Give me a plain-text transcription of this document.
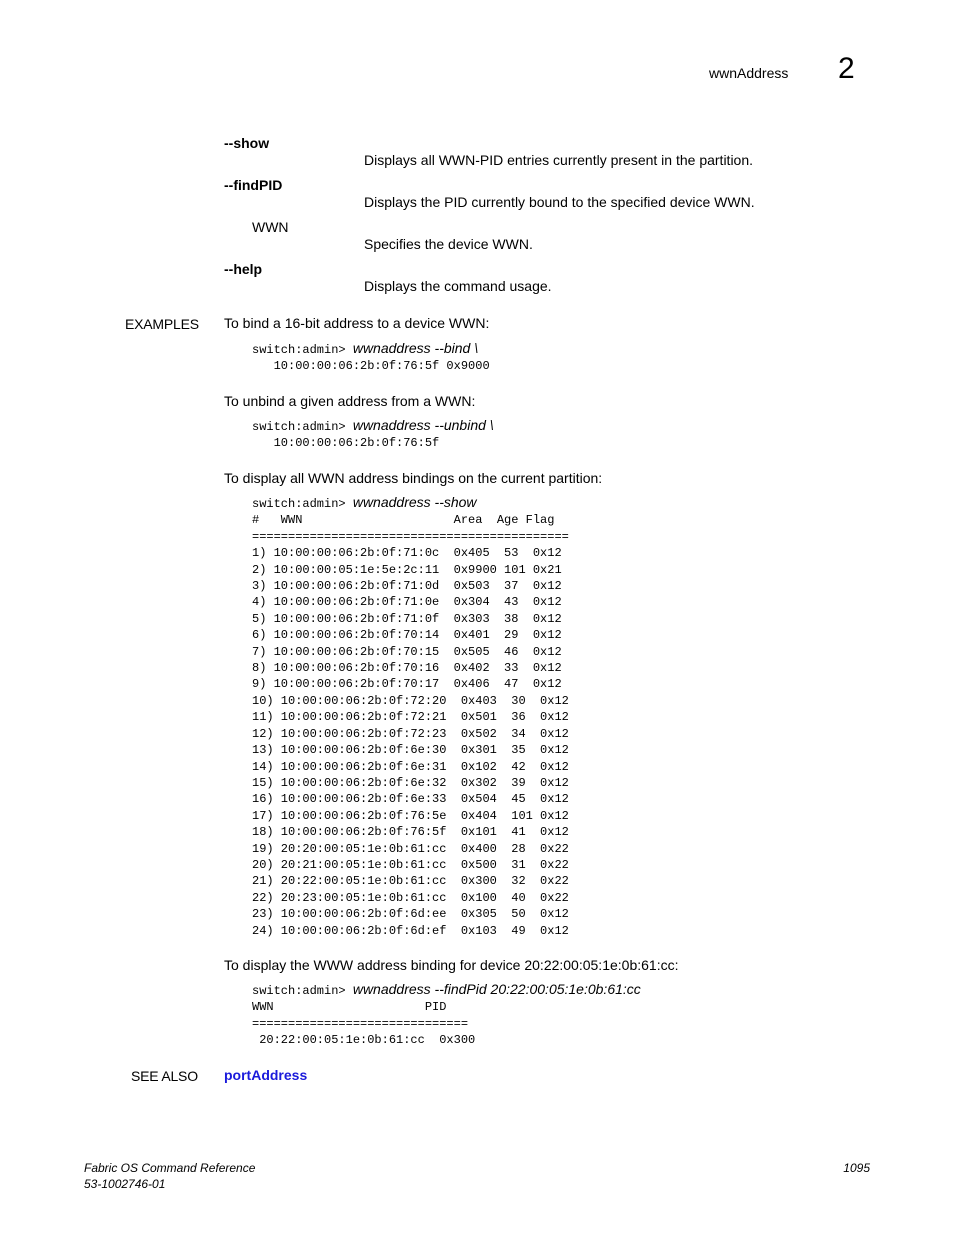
wwnAddress 2
--show
Displays all WWN-PID entries currently present in the partition.
--findPID
Displays the PID currently bound to the specified device WWN.
WWN
Specifies the device WWN.
--help
Displays the command usage.
EXAMPLES To bind a 16-bit address to a device WWN:
switch:admin> wwnaddress --bind \
10:00:00:06:2b:0f:76:5f 0x9000
To unbind a given address from a WWN:
switch:admin> wwnaddress --unbind \
10:00:00:06:2b:0f:76:5f
To display all WWN address bindings on the current partition:
switch:admin> wwnaddress --show
#   WWN                     Area  Age Flag
============================================
1) 10:00:00:06:2b:0f:71:0c  0x405  53  0x12
2) 10:00:00:05:1e:5e:2c:11  0x9900 101 0x21
3) 10:00:00:06:2b:0f:71:0d  0x503  37  0x12
4) 10:00:00:06:2b:0f:71:0e  0x304  43  0x12
5) 10:00:00:06:2b:0f:71:0f  0x303  38  0x12
6) 10:00:00:06:2b:0f:70:14  0x401  29  0x12
7) 10:00:00:06:2b:0f:70:15  0x505  46  0x12
8) 10:00:00:06:2b:0f:70:16  0x402  33  0x12
9) 10:00:00:06:2b:0f:70:17  0x406  47  0x12
10) 10:00:00:06:2b:0f:72:20  0x403  30  0x12
11) 10:00:00:06:2b:0f:72:21  0x501  36  0x12
12) 10:00:00:06:2b:0f:72:23  0x502  34  0x12
13) 10:00:00:06:2b:0f:6e:30  0x301  35  0x12
14) 10:00:00:06:2b:0f:6e:31  0x102  42  0x12
15) 10:00:00:06:2b:0f:6e:32  0x302  39  0x12
16) 10:00:00:06:2b:0f:6e:33  0x504  45  0x12
17) 10:00:00:06:2b:0f:76:5e  0x404  101 0x12
18) 10:00:00:06:2b:0f:76:5f  0x101  41  0x12
19) 20:20:00:05:1e:0b:61:cc  0x400  28  0x22
20) 20:21:00:05:1e:0b:61:cc  0x500  31  0x22
21) 20:22:00:05:1e:0b:61:cc  0x300  32  0x22
22) 20:23:00:05:1e:0b:61:cc  0x100  40  0x22
23) 10:00:00:06:2b:0f:6d:ee  0x305  50  0x12
24) 10:00:00:06:2b:0f:6d:ef  0x103  49  0x12
To display the WWW address binding for device 20:22:00:05:1e:0b:61:cc:
switch:admin> wwnaddress --findPid 20:22:00:05:1e:0b:61:cc
WWN                     PID
==============================
20:22:00:05:1e:0b:61:cc  0x300
SEE ALSO portAddress
Fabric OS Command Reference
53-1002746-01
1095
